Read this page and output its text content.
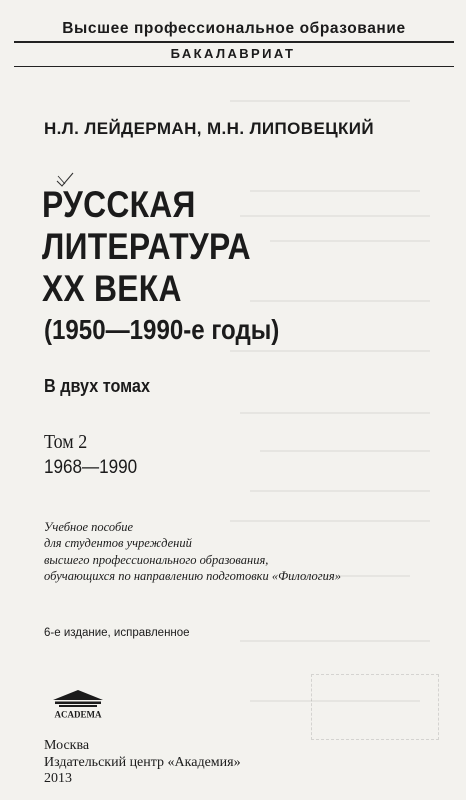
Высшее профессиональное образование
БАКАЛАВРИАТ
Н.Л. ЛЕЙДЕРМАН, М.Н. ЛИПОВЕЦКИЙ
РУССКАЯ
ЛИТЕРАТУРА
XX ВЕКА
(1950—1990-е годы)
В двух томах
Том 2
1968—1990
Учебное пособие
для студентов учреждений
высшего профессионального образования,
обучающихся по направлению подготовки «Филология»
6-е издание, исправленное
ACADEMA
Москва
Издательский центр «Академия»
2013
